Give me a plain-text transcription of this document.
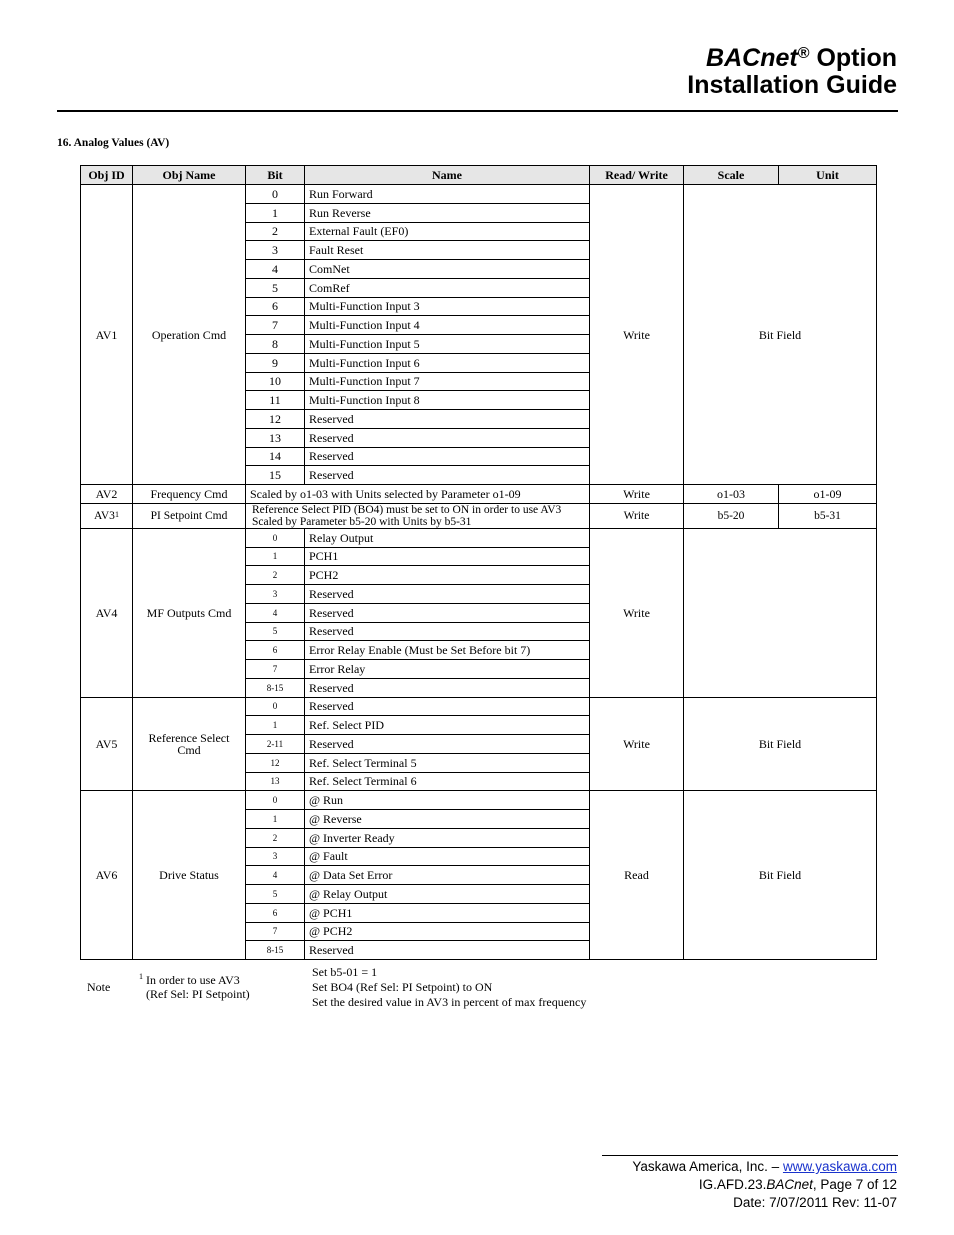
BACnet® Option
Installation Guide
16. Analog Values (AV)
Obj ID	Obj Name	Bit	Name	Read/ Write	Scale	Unit
AV1	Operation Cmd	0	Run Forward	Write	Bit Field	
		1	Run Reverse			
		2	External Fault (EF0)			
		3	Fault Reset			
		4	ComNet			
		5	ComRef			
		6	Multi-Function Input 3			
		7	Multi-Function Input 4			
		8	Multi-Function Input 5			
		9	Multi-Function Input 6			
		10	Multi-Function Input 7			
		11	Multi-Function Input 8			
		12	Reserved			
		13	Reserved			
		14	Reserved			
		15	Reserved			
AV2	Frequency Cmd	Scaled by o1-03 with Units selected by Parameter o1-09		Write	o1-03	o1-09
AV3$^1$	PI Setpoint Cmd	Reference Select PID (BO4) must be set to ON in order to use AV3
Scaled by Parameter b5-20 with Units by b5-31		Write	b5-20	b5-31
AV4	MF Outputs Cmd	0	Relay Output	Write		
		1	PCH1			
		2	PCH2			
		3	Reserved			
		4	Reserved			
		5	Reserved			
		6	Error Relay Enable (Must be Set Before bit 7)			
		7	Error Relay			
		8-15	Reserved			
AV5	Reference Select Cmd	0	Reserved	Write	Bit Field	
		1	Ref. Select PID			
		2-11	Reserved			
		12	Ref. Select Terminal 5			
		13	Ref. Select Terminal 6			
AV6	Drive Status	0	@ Run	Read	Bit Field	
		1	@ Reverse			
		2	@ Inverter Ready			
		3	@ Fault			
		4	@ Data Set Error			
		5	@ Relay Output			
		6	@ PCH1			
		7	@ PCH2			
		8-15	Reserved			
Note
$^1$ In order to use AV3
(Ref Sel: PI Setpoint)
Set b5-01 = 1
Set BO4 (Ref Sel: PI Setpoint) to ON
Set the desired value in AV3 in percent of max frequency
Yaskawa America, Inc. – www.yaskawa.com
IG.AFD.23.BACnet, Page 7 of 12
Date: 7/07/2011 Rev: 11-07
